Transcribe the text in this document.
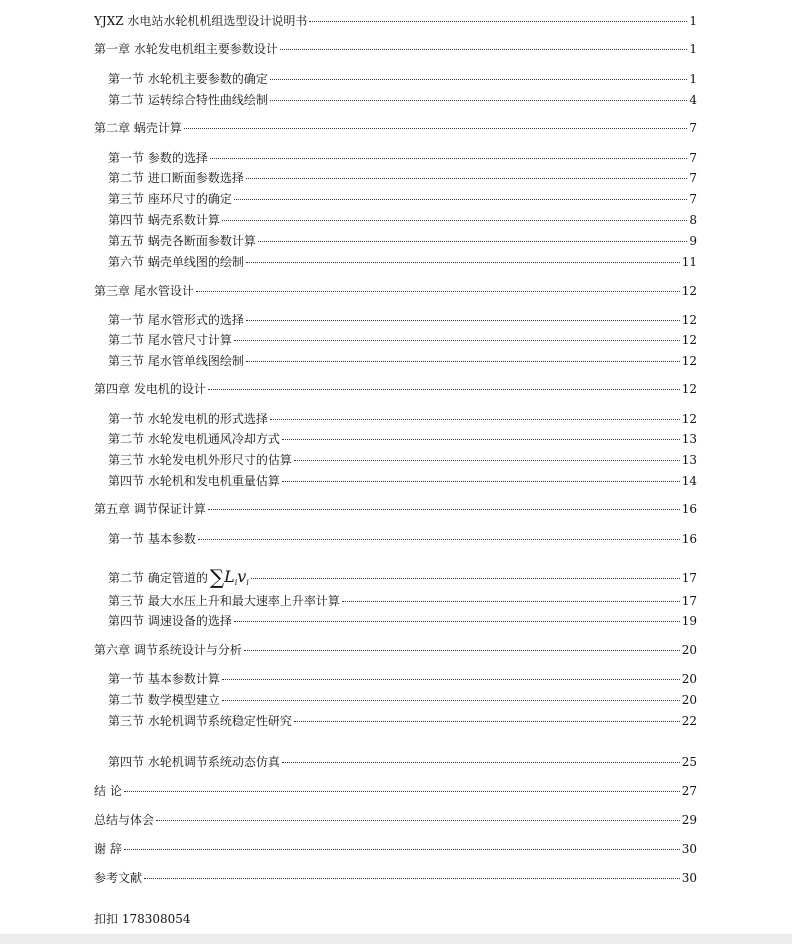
YJXZ 水电站水轮机机组选型设计说明书	1
第一章 水轮发电机组主要参数设计	1
第一节 水轮机主要参数的确定	1
第二节 运转综合特性曲线绘制	4
第二章 蜗壳计算	7
第一节 参数的选择	7
第二节 进口断面参数选择	7
第三节 座环尺寸的确定	7
第四节 蜗壳系数计算	8
第五节 蜗壳各断面参数计算	9
第六节 蜗壳单线图的绘制	11
第三章 尾水管设计	12
第一节 尾水管形式的选择	12
第二节 尾水管尺寸计算	12
第三节 尾水管单线图绘制	12
第四章 发电机的设计	12
第一节 水轮发电机的形式选择	12
第二节 水轮发电机通风冷却方式	13
第三节 水轮发电机外形尺寸的估算	13
第四节 水轮机和发电机重量估算	14
第五章 调节保证计算	16
第一节 基本参数	16
第二节 确定管道的 $\sum L_iv_i$	17
第三节 最大水压上升和最大速率上升率计算	17
第四节 调速设备的选择	19
第六章 调节系统设计与分析	20
第一节 基本参数计算	20
第二节 数学模型建立	20
第三节 水轮机调节系统稳定性研究	22
第四节 水轮机调节系统动态仿真	25
结 论	27
总结与体会	29
谢 辞	30
参考文献	30
扣扣 178308054
